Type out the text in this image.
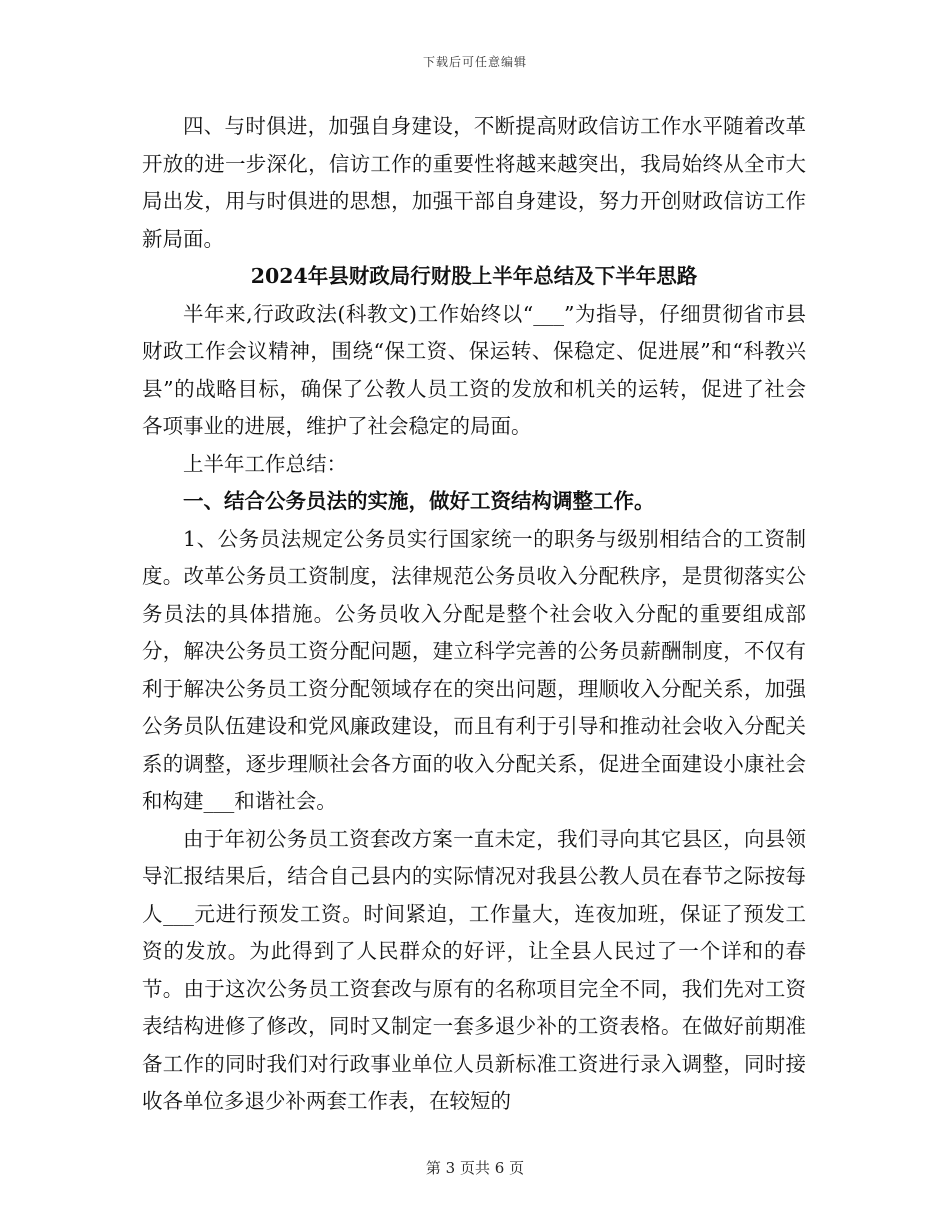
下载后可任意编辑

四、与时俱进，加强自身建设，不断提高财政信访工作水平随着改革开放的进一步深化，信访工作的重要性将越来越突出，我局始终从全市大局出发，用与时俱进的思想，加强干部自身建设，努力开创财政信访工作新局面。

2024年县财政局行财股上半年总结及下半年思路

半年来,行政政法(科教文)工作始终以“___”为指导，仔细贯彻省市县财政工作会议精神，围绕“保工资、保运转、保稳定、促进展”和“科教兴县”的战略目标，确保了公教人员工资的发放和机关的运转，促进了社会各项事业的进展，维护了社会稳定的局面。

上半年工作总结：

一、结合公务员法的实施，做好工资结构调整工作。

1、公务员法规定公务员实行国家统一的职务与级别相结合的工资制度。改革公务员工资制度，法律规范公务员收入分配秩序，是贯彻落实公务员法的具体措施。公务员收入分配是整个社会收入分配的重要组成部分，解决公务员工资分配问题，建立科学完善的公务员薪酬制度，不仅有利于解决公务员工资分配领域存在的突出问题，理顺收入分配关系，加强公务员队伍建设和党风廉政建设，而且有利于引导和推动社会收入分配关系的调整，逐步理顺社会各方面的收入分配关系，促进全面建设小康社会和构建___和谐社会。

由于年初公务员工资套改方案一直未定，我们寻向其它县区，向县领导汇报结果后，结合自己县内的实际情况对我县公教人员在春节之际按每人___元进行预发工资。时间紧迫，工作量大，连夜加班，保证了预发工资的发放。为此得到了人民群众的好评，让全县人民过了一个详和的春节。由于这次公务员工资套改与原有的名称项目完全不同，我们先对工资表结构进修了修改，同时又制定一套多退少补的工资表格。在做好前期准备工作的同时我们对行政事业单位人员新标准工资进行录入调整，同时接收各单位多退少补两套工作表，在较短的

第 3 页共 6 页
